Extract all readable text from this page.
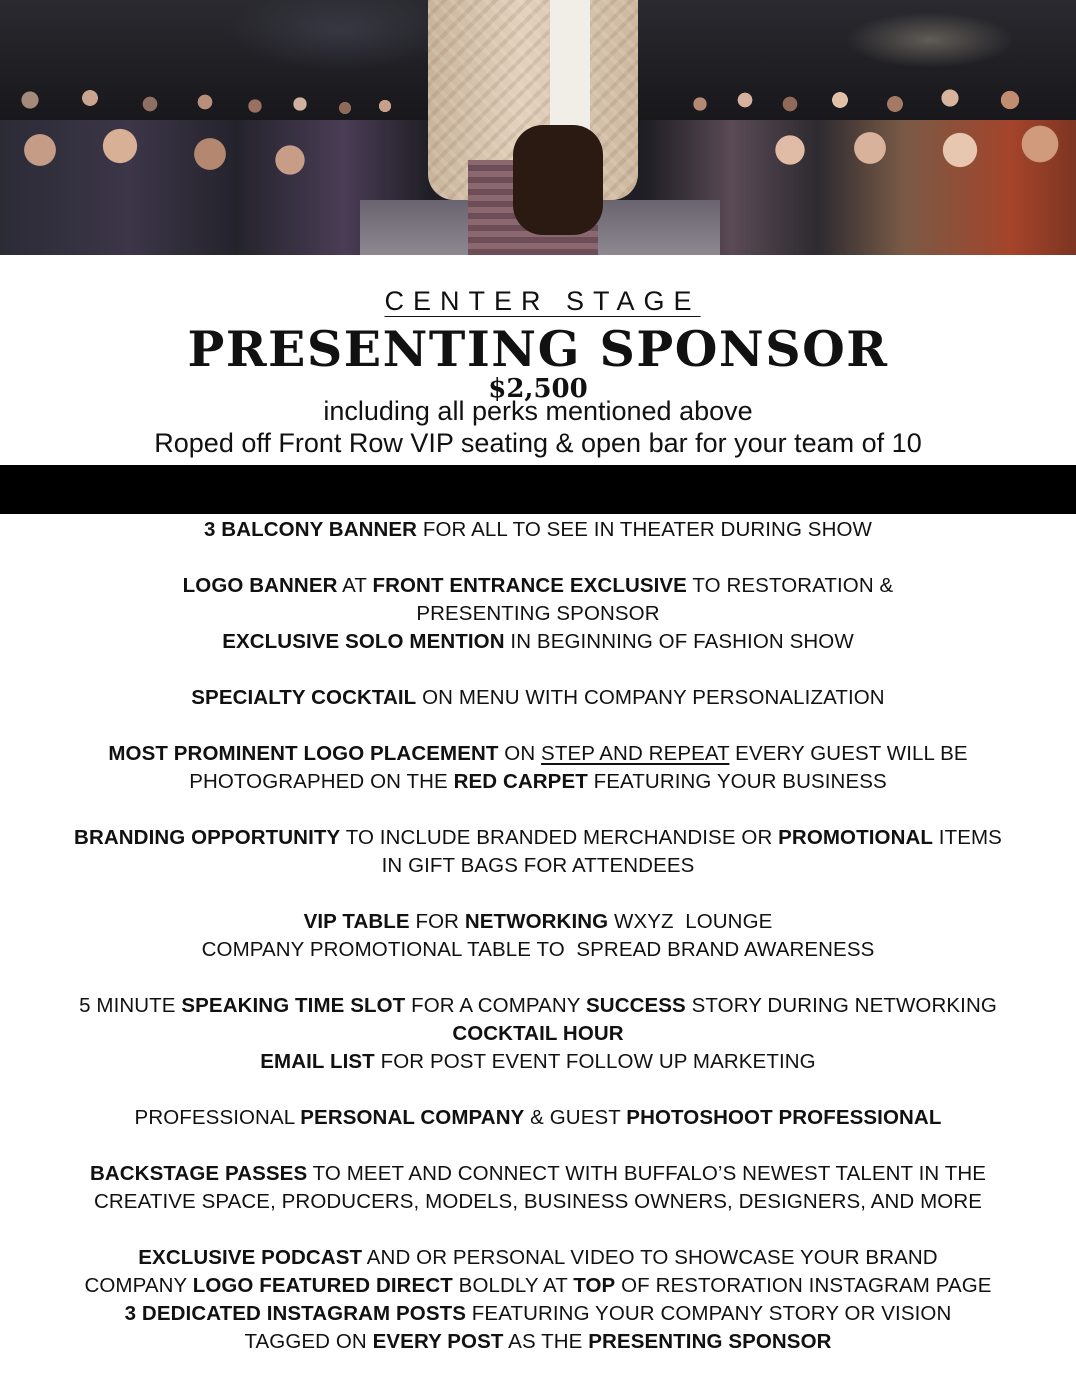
CENTER STAGE
PRESENTING SPONSOR
including all perks mentioned above
$2,500
Roped off Front Row VIP seating & open bar for your team of 10
3 BALCONY BANNER FOR ALL TO SEE IN THEATER DURING SHOW
LOGO BANNER AT FRONT ENTRANCE EXCLUSIVE TO RESTORATION &
PRESENTING SPONSOR
EXCLUSIVE SOLO MENTION IN BEGINNING OF FASHION SHOW
SPECIALTY COCKTAIL ON MENU WITH COMPANY PERSONALIZATION
MOST PROMINENT LOGO PLACEMENT ON STEP AND REPEAT EVERY GUEST WILL BE
PHOTOGRAPHED ON THE RED CARPET FEATURING YOUR BUSINESS
BRANDING OPPORTUNITY TO INCLUDE BRANDED MERCHANDISE OR PROMOTIONAL ITEMS
IN GIFT BAGS FOR ATTENDEES
VIP TABLE FOR NETWORKING WXYZ  LOUNGE
COMPANY PROMOTIONAL TABLE TO  SPREAD BRAND AWARENESS
5 MINUTE SPEAKING TIME SLOT FOR A COMPANY SUCCESS STORY DURING NETWORKING
COCKTAIL HOUR
EMAIL LIST FOR POST EVENT FOLLOW UP MARKETING
PROFESSIONAL PERSONAL COMPANY & GUEST PHOTOSHOOT PROFESSIONAL
BACKSTAGE PASSES TO MEET AND CONNECT WITH BUFFALO’S NEWEST TALENT IN THE
CREATIVE SPACE, PRODUCERS, MODELS, BUSINESS OWNERS, DESIGNERS, AND MORE
EXCLUSIVE PODCAST AND OR PERSONAL VIDEO TO SHOWCASE YOUR BRAND
COMPANY LOGO FEATURED DIRECT BOLDLY AT TOP OF RESTORATION INSTAGRAM PAGE
3 DEDICATED INSTAGRAM POSTS FEATURING YOUR COMPANY STORY OR VISION
TAGGED ON EVERY POST AS THE PRESENTING SPONSOR
